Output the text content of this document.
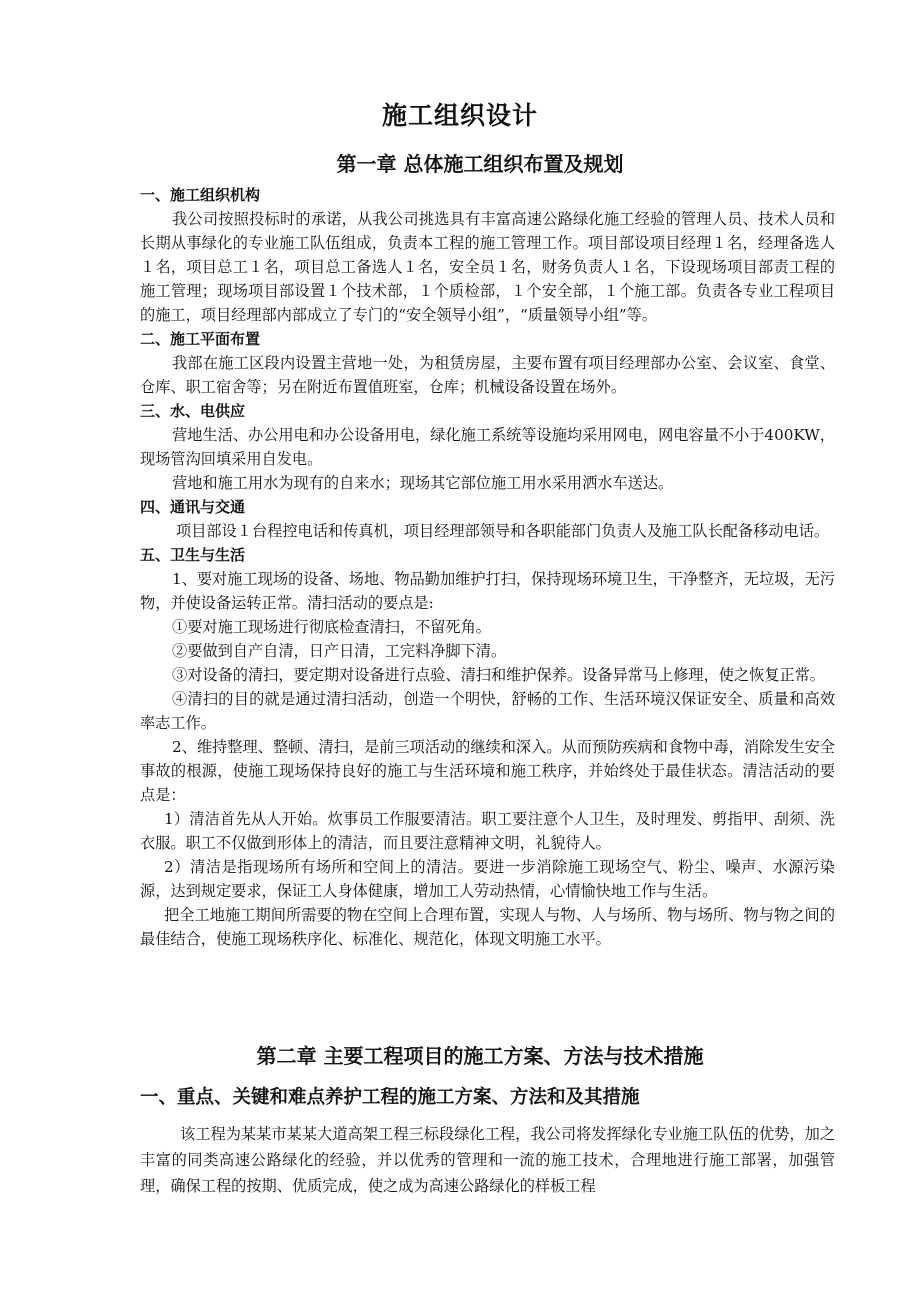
施工组织设计
第一章 总体施工组织布置及规划

一、施工组织机构

我公司按照投标时的承诺，从我公司挑选具有丰富高速公路绿化施工经验的管理人员、技术人员和长期从事绿化的专业施工队伍组成，负责本工程的施工管理工作。项目部设项目经理１名，经理备选人１名，项目总工１名，项目总工备选人１名，安全员１名，财务负责人１名，下设现场项目部责工程的施工管理；现场项目部设置１个技术部，１个质检部，１个安全部，１个施工部。负责各专业工程项目的施工，项目经理部内部成立了专门的“安全领导小组”，“质量领导小组”等。

二、施工平面布置

我部在施工区段内设置主营地一处，为租赁房屋，主要布置有项目经理部办公室、会议室、食堂、仓库、职工宿舍等；另在附近布置值班室，仓库；机械设备设置在场外。

三、水、电供应

营地生活、办公用电和办公设备用电，绿化施工系统等设施均采用网电，网电容量不小于400KW，现场管沟回填采用自发电。

营地和施工用水为现有的自来水；现场其它部位施工用水采用洒水车送达。

四、通讯与交通

项目部设１台程控电话和传真机，项目经理部领导和各职能部门负责人及施工队长配备移动电话。

五、卫生与生活

1、要对施工现场的设备、场地、物品勤加维护打扫，保持现场环境卫生，干净整齐，无垃圾，无污物，并使设备运转正常。清扫活动的要点是:

①要对施工现场进行彻底检查清扫，不留死角。

②要做到自产自清，日产日清，工完料净脚下清。

③对设备的清扫，要定期对设备进行点验、清扫和维护保养。设备异常马上修理，使之恢复正常。

④清扫的目的就是通过清扫活动，创造一个明快，舒畅的工作、生活环境汉保证安全、质量和高效率志工作。

2、维持整理、整顿、清扫，是前三项活动的继续和深入。从而预防疾病和食物中毒，消除发生安全事故的根源，使施工现场保持良好的施工与生活环境和施工秩序，并始终处于最佳状态。清洁活动的要点是：

1）清洁首先从人开始。炊事员工作服要清洁。职工要注意个人卫生，及时理发、剪指甲、刮须、洗衣服。职工不仅做到形体上的清洁，而且要注意精神文明，礼貌待人。

2）清洁是指现场所有场所和空间上的清洁。要进一步消除施工现场空气、粉尘、噪声、水源污染源，达到规定要求，保证工人身体健康，增加工人劳动热情，心情愉快地工作与生活。

把全工地施工期间所需要的物在空间上合理布置，实现人与物、人与场所、物与场所、物与物之间的最佳结合，使施工现场秩序化、标准化、规范化，体现文明施工水平。

第二章 主要工程项目的施工方案、方法与技术措施

一、重点、关键和难点养护工程的施工方案、方法和及其措施

该工程为某某市某某大道高架工程三标段绿化工程，我公司将发挥绿化专业施工队伍的优势，加之丰富的同类高速公路绿化的经验，并以优秀的管理和一流的施工技术，合理地进行施工部署，加强管理，确保工程的按期、优质完成，使之成为高速公路绿化的样板工程
